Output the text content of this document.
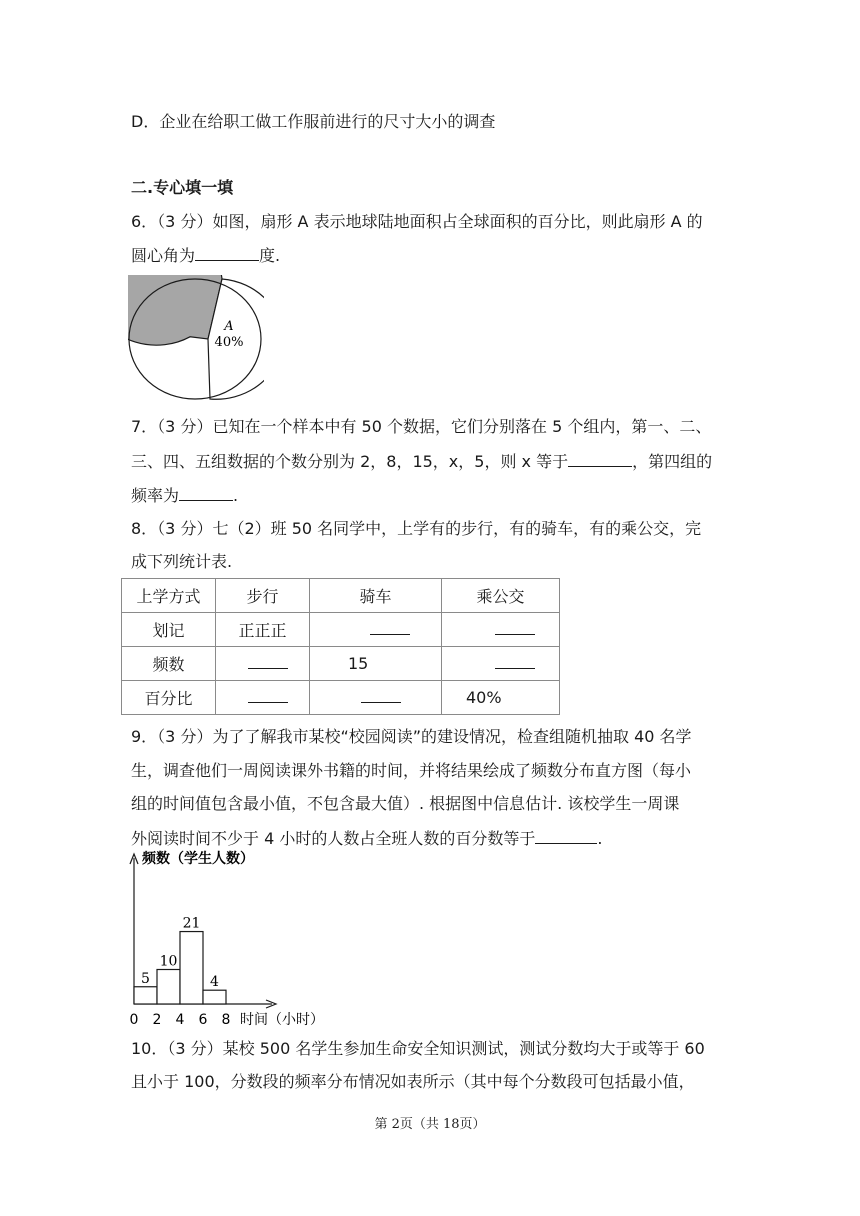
D．企业在给职工做工作服前进行的尺寸大小的调查
二.专心填一填
6．（3 分）如图，扇形 A 表示地球陆地面积占全球面积的百分比，则此扇形 A 的
圆心角为	度.
A
40%
7．（3 分）已知在一个样本中有 50 个数据，它们分别落在 5 个组内，第一、二、
三、四、五组数据的个数分别为 2，8，15，x，5，则 x 等于	，第四组的
频率为	.
8．（3 分）七（2）班 50 名同学中，上学有的步行，有的骑车，有的乘公交，完
成下列统计表.
上学方式	步行	骑车	乘公交
划记	正正正		
频数		15	
百分比			40%
9．（3 分）为了了解我市某校“校园阅读”的建设情况，检查组随机抽取 40 名学
生，调查他们一周阅读课外书籍的时间，并将结果绘成了频数分布直方图（每小
组的时间值包含最小值，不包含最大值）. 根据图中信息估计. 该校学生一周课
外阅读时间不少于 4 小时的人数占全班人数的百分数等于	.
频数（学生人数）
时间（小时）
5
10
21
4
0 2 4 6 8
10．（3 分）某校 500 名学生参加生命安全知识测试，测试分数均大于或等于 60
且小于 100，分数段的频率分布情况如表所示（其中每个分数段可包括最小值，
第 2页（共 18页）
